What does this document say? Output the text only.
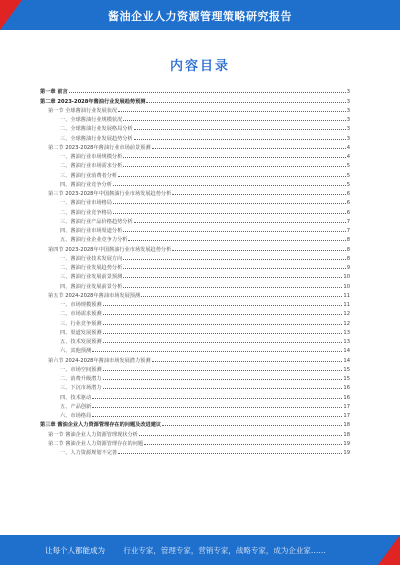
酱油企业人力资源管理策略研究报告
内容目录
第一章 前言	3
第二章 2023-2028年酱油行业发展趋势预测	3
第一节 全球酱油行业发展状况	3
一、全球酱油行业规模状况	3
二、全球酱油行业发展格局分析	3
三、全球酱油行业发展趋势分析	3
第二节 2023-2028年酱油行业市场前景预测	4
一、酱油行业市场规模分析	4
二、酱油行业市场需求分析	5
三、酱油行业消费者分析	5
四、酱油行业竞争分析	5
第三节 2023-2028年中国酱油行业市场发展趋势分析	6
一、酱油行业市场格局	6
二、酱油行业竞争格局	6
三、酱油行业产品价格趋势分析	7
四、酱油行业市场渠道分析	7
五、酱油行业企业竞争力分析	8
第四节 2023-2028年中国酱油行业市场发展趋势分析	8
一、酱油行业技术发展方向	8
二、酱油行业发展趋势分析	9
三、酱油行业发展前景预测	10
四、酱油行业发展前景分析	10
第五节 2024-2028年酱油市场发展预测	11
一、市场规模预测	11
二、市场需求预测	12
三、行业竞争预测	12
四、渠道发展预测	13
五、技术发展预测	13
六、其他预测	14
第六节 2024-2028年酱油市场发展潜力预测	14
一、市场空间预测	15
二、消费升级潜力	15
三、下沉市场潜力	16
四、技术驱动	16
五、产品创新	17
六、市场格局	17
第三章 酱油企业人力资源管理存在的问题及改进建议	18
第一节 酱油企业人力资源管理现状分析	18
第二节 酱油企业人力资源管理存在的问题	19
一、人力资源规划不完善	19
让每个人都能成为 行业专家，管理专家，营销专家，战略专家，成为企业家……
